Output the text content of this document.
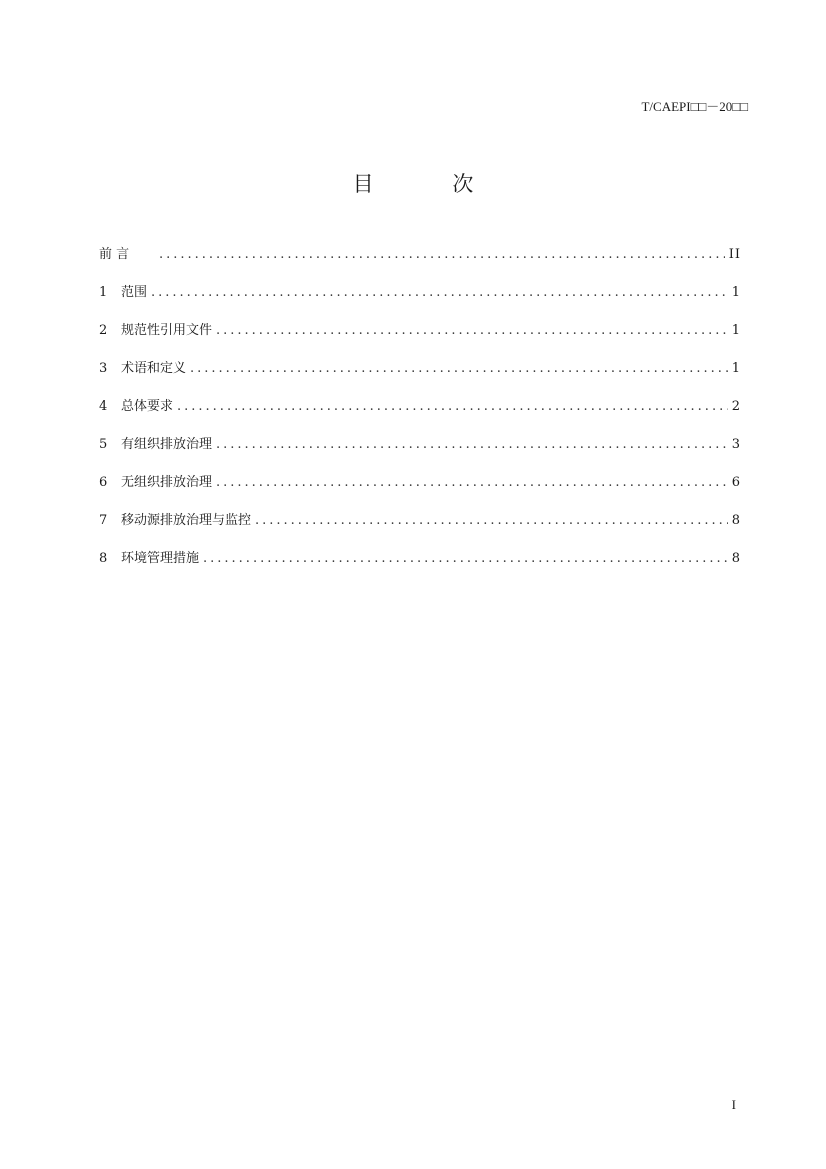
T/CAEPI□□－20□□
目 次
前 言 .....	II
1	范围 .....	1
2	规范性引用文件 .....	1
3	术语和定义 .....	1
4	总体要求 .....	2
5	有组织排放治理 .....	3
6	无组织排放治理 .....	6
7	移动源排放治理与监控 .....	8
8	环境管理措施 .....	8
I
